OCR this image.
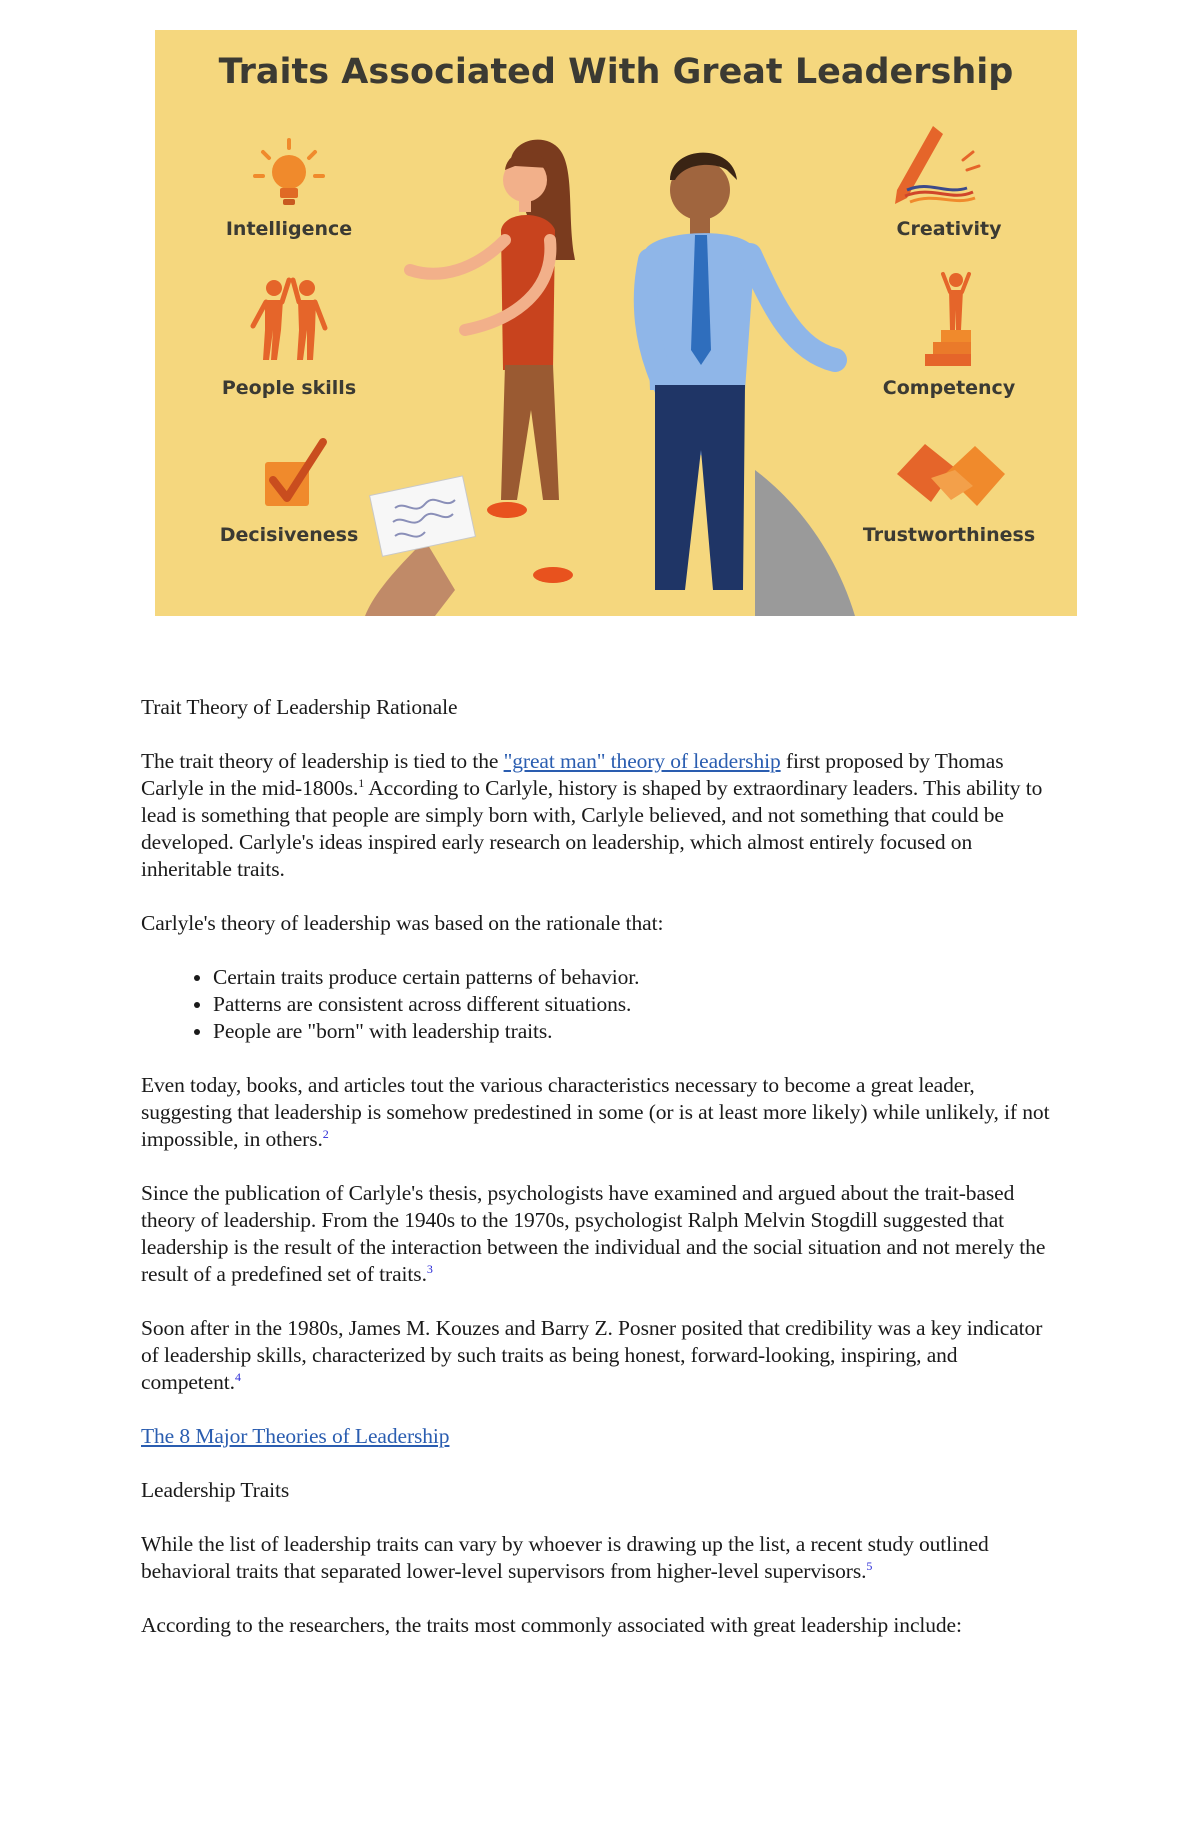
Traits Associated With Great Leadership
Intelligence
People skills
Decisiveness
Creativity
Competency
Trustworthiness
Trait Theory of Leadership Rationale

The trait theory of leadership is tied to the "great man" theory of leadership first proposed by Thomas Carlyle in the mid-1800s.$^1$ According to Carlyle, history is shaped by extraordinary leaders. This ability to lead is something that people are simply born with, Carlyle believed, and not something that could be developed. Carlyle's ideas inspired early research on leadership, which almost entirely focused on inheritable traits.

Carlyle's theory of leadership was based on the rationale that:

• Certain traits produce certain patterns of behavior.
• Patterns are consistent across different situations.
• People are "born" with leadership traits.

Even today, books, and articles tout the various characteristics necessary to become a great leader, suggesting that leadership is somehow predestined in some (or is at least more likely) while unlikely, if not impossible, in others.$^2$

Since the publication of Carlyle's thesis, psychologists have examined and argued about the trait-based theory of leadership. From the 1940s to the 1970s, psychologist Ralph Melvin Stogdill suggested that leadership is the result of the interaction between the individual and the social situation and not merely the result of a predefined set of traits.$^3$

Soon after in the 1980s, James M. Kouzes and Barry Z. Posner posited that credibility was a key indicator of leadership skills, characterized by such traits as being honest, forward-looking, inspiring, and competent.$^4$

The 8 Major Theories of Leadership

Leadership Traits

While the list of leadership traits can vary by whoever is drawing up the list, a recent study outlined behavioral traits that separated lower-level supervisors from higher-level supervisors.$^5$

According to the researchers, the traits most commonly associated with great leadership include:
